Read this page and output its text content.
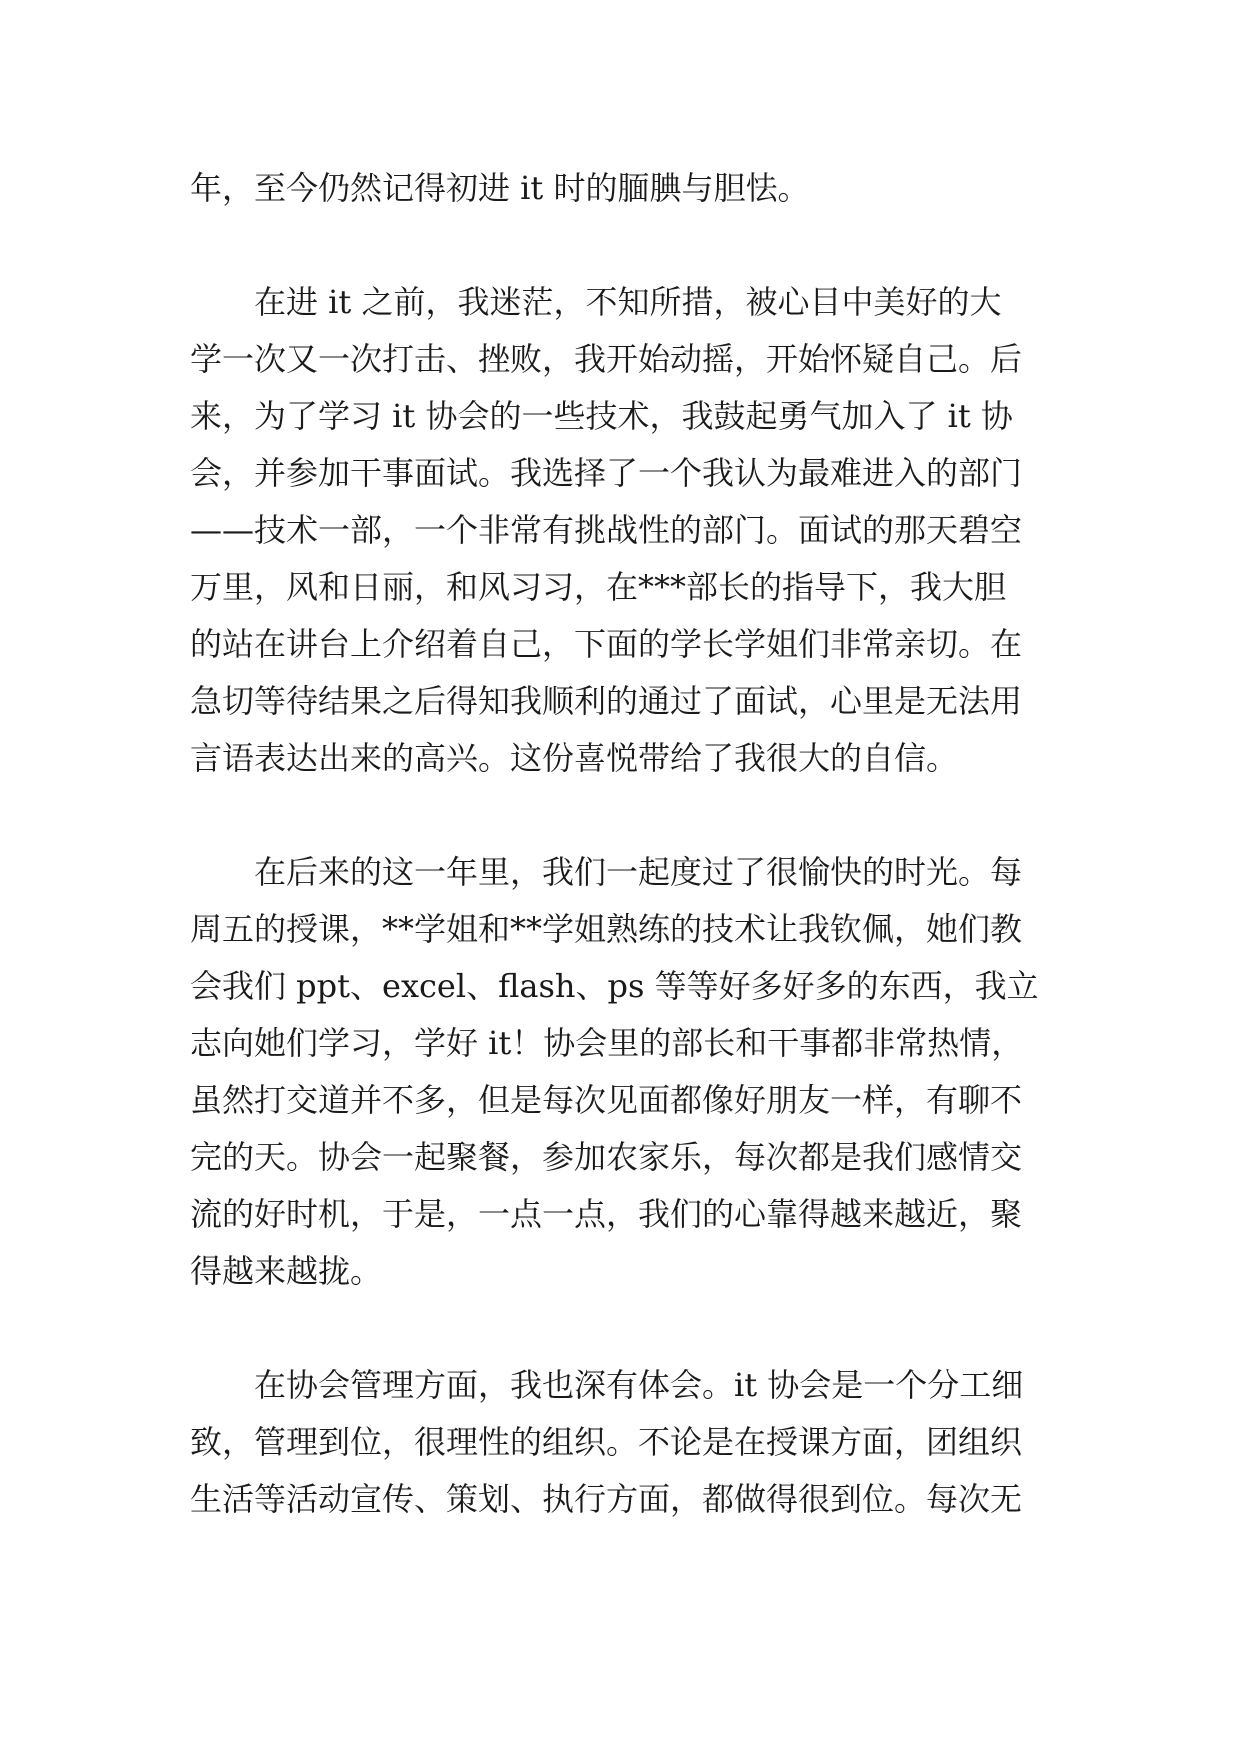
年，至今仍然记得初进 it 时的腼腆与胆怯。
　　在进 it 之前，我迷茫，不知所措，被心目中美好的大
学一次又一次打击、挫败，我开始动摇，开始怀疑自己。后
来，为了学习 it 协会的一些技术，我鼓起勇气加入了 it 协
会，并参加干事面试。我选择了一个我认为最难进入的部门
——技术一部，一个非常有挑战性的部门。面试的那天碧空
万里，风和日丽，和风习习，在***部长的指导下，我大胆
的站在讲台上介绍着自己，下面的学长学姐们非常亲切。在
急切等待结果之后得知我顺利的通过了面试，心里是无法用
言语表达出来的高兴。这份喜悦带给了我很大的自信。
　　在后来的这一年里，我们一起度过了很愉快的时光。每
周五的授课，**学姐和**学姐熟练的技术让我钦佩，她们教
会我们 ppt、excel、flash、ps 等等好多好多的东西，我立
志向她们学习，学好 it！协会里的部长和干事都非常热情，
虽然打交道并不多，但是每次见面都像好朋友一样，有聊不
完的天。协会一起聚餐，参加农家乐，每次都是我们感情交
流的好时机，于是，一点一点，我们的心靠得越来越近，聚
得越来越拢。
　　在协会管理方面，我也深有体会。it 协会是一个分工细
致，管理到位，很理性的组织。不论是在授课方面，团组织
生活等活动宣传、策划、执行方面，都做得很到位。每次无
